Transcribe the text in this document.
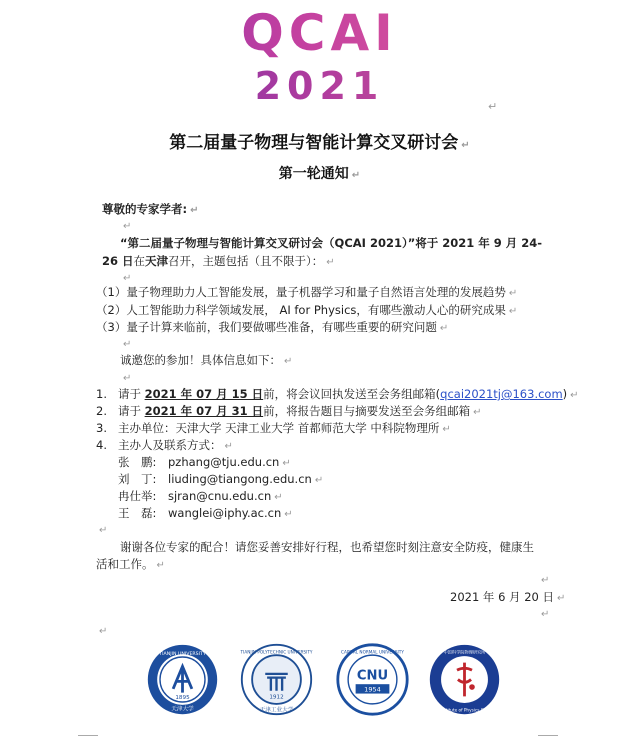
QCAI
2021	↵
第二届量子物理与智能计算交叉研讨会 ↵
第一轮通知 ↵
尊敬的专家学者: ↵
↵
“第二届量子物理与智能计算交叉研讨会（QCAI 2021）”将于 2021 年 9 月 24-
26 日在天津召开，主题包括（且不限于）： ↵
↵
（1）量子物理助力人工智能发展，量子机器学习和量子自然语言处理的发展趋势 ↵
（2）人工智能助力科学领域发展， AI for Physics，有哪些激动人心的研究成果 ↵
（3）量子计算来临前，我们要做哪些准备，有哪些重要的研究问题 ↵
↵
诚邀您的参加！具体信息如下： ↵
↵
1. 请于 2021 年 07 月 15 日前，将会议回执发送至会务组邮箱(qcai2021tj@163.com) ↵
2. 请于 2021 年 07 月 31 日前，将报告题目与摘要发送至会务组邮箱 ↵
3. 主办单位：天津大学 天津工业大学 首都师范大学 中科院物理所 ↵
4. 主办人及联系方式： ↵
张　鹏: pzhang@tju.edu.cn ↵
刘　丁: liuding@tiangong.edu.cn ↵
冉仕举: sjran@cnu.edu.cn ↵
王　磊: wanglei@iphy.ac.cn ↵
↵
谢谢各位专家的配合！请您妥善安排好行程，也希望您时刻注意安全防疫，健康生
活和工作。 ↵
↵
2021 年 6 月 20 日 ↵
↵
↵
TIANJIN UNIVERSITY
1895
天津大学
TIANJIN POLYTECHNIC UNIVERSITY
1912
天津工业大学
CNU
1954
CAPITAL NORMAL UNIVERSITY	中国科学院物理研究所
Institute of Physics CAS
